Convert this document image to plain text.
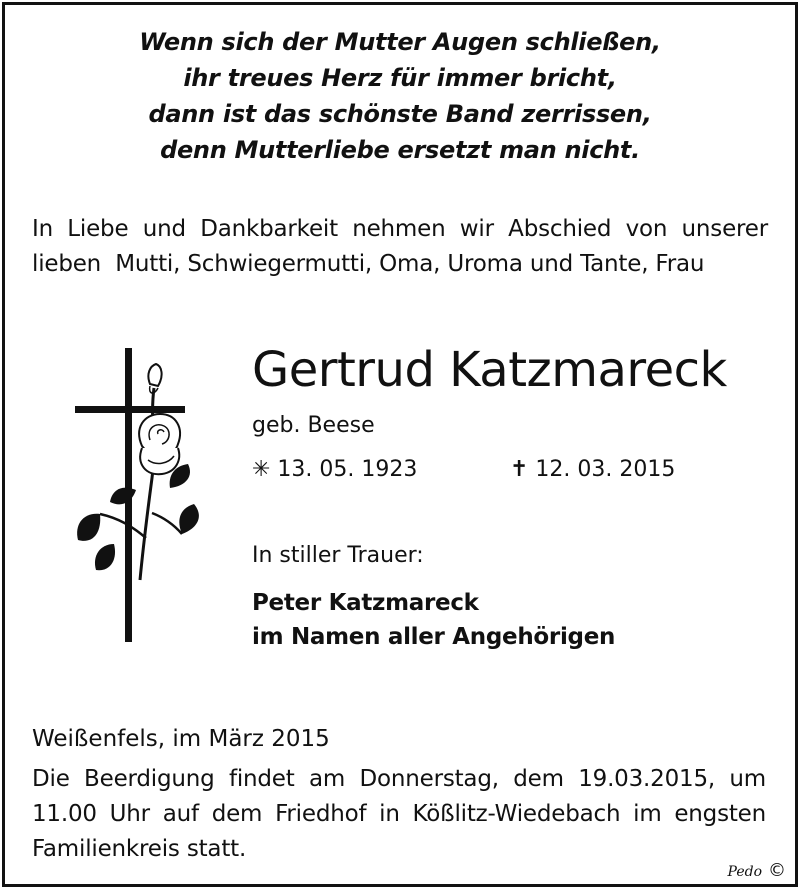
Wenn sich der Mutter Augen schließen,
ihr treues Herz für immer bricht,
dann ist das schönste Band zerrissen,
denn Mutterliebe ersetzt man nicht.
In Liebe und Dankbarkeit nehmen wir Abschied von unserer
lieben  Mutti, Schwiegermutti, Oma, Uroma und Tante, Frau
Gertrud Katzmareck
geb. Beese
✳ 13. 05. 1923	✝ 12. 03. 2015
In stiller Trauer:
Peter Katzmareck
im Namen aller Angehörigen
Weißenfels, im März 2015
Die Beerdigung findet am Donnerstag, dem 19.03.2015, um
11.00 Uhr auf dem Friedhof in Kößlitz-Wiedebach im engsten
Familienkreis statt.
Pedo ©
